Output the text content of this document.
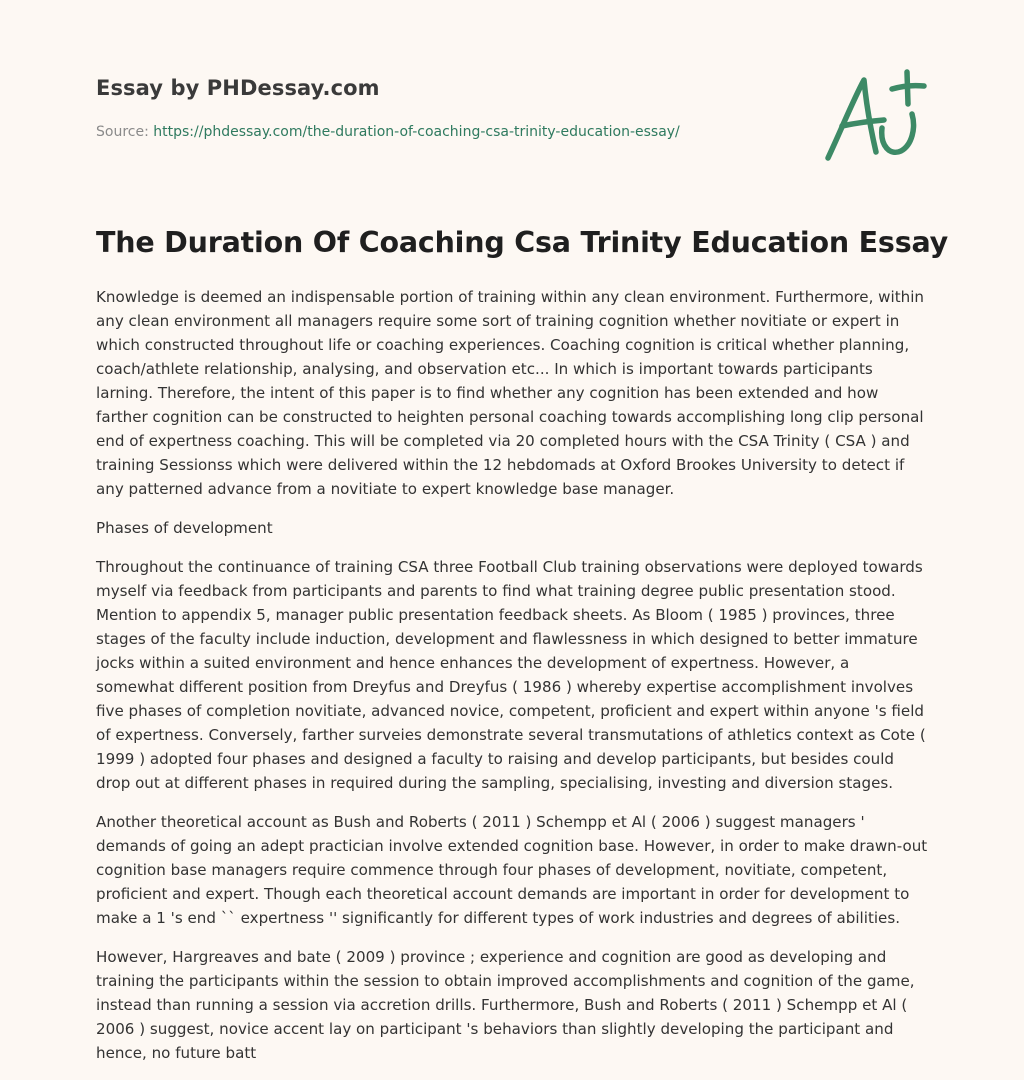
Essay by PHDessay.com
Source: https://phdessay.com/the-duration-of-coaching-csa-trinity-education-essay/
The Duration Of Coaching Csa Trinity Education Essay

Knowledge is deemed an indispensable portion of training within any clean environment. Furthermore, within any clean environment all managers require some sort of training cognition whether novitiate or expert in which constructed throughout life or coaching experiences. Coaching cognition is critical whether planning, coach/athlete relationship, analysing, and observation etc... In which is important towards participants larning. Therefore, the intent of this paper is to find whether any cognition has been extended and how farther cognition can be constructed to heighten personal coaching towards accomplishing long clip personal end of expertness coaching. This will be completed via 20 completed hours with the CSA Trinity ( CSA ) and training Sessionss which were delivered within the 12 hebdomads at Oxford Brookes University to detect if any patterned advance from a novitiate to expert knowledge base manager.

Phases of development

Throughout the continuance of training CSA three Football Club training observations were deployed towards myself via feedback from participants and parents to find what training degree public presentation stood. Mention to appendix 5, manager public presentation feedback sheets. As Bloom ( 1985 ) provinces, three stages of the faculty include induction, development and flawlessness in which designed to better immature jocks within a suited environment and hence enhances the development of expertness. However, a somewhat different position from Dreyfus and Dreyfus ( 1986 ) whereby expertise accomplishment involves five phases of completion novitiate, advanced novice, competent, proficient and expert within anyone 's field of expertness. Conversely, farther surveies demonstrate several transmutations of athletics context as Cote ( 1999 ) adopted four phases and designed a faculty to raising and develop participants, but besides could drop out at different phases in required during the sampling, specialising, investing and diversion stages.

Another theoretical account as Bush and Roberts ( 2011 ) Schempp et Al ( 2006 ) suggest managers ' demands of going an adept practician involve extended cognition base. However, in order to make drawn-out cognition base managers require commence through four phases of development, novitiate, competent, proficient and expert. Though each theoretical account demands are important in order for development to make a 1 's end `` expertness '' significantly for different types of work industries and degrees of abilities.

However, Hargreaves and bate ( 2009 ) province ; experience and cognition are good as developing and training the participants within the session to obtain improved accomplishments and cognition of the game, instead than running a session via accretion drills. Furthermore, Bush and Roberts ( 2011 ) Schempp et Al ( 2006 ) suggest, novice accent lay on participant 's behaviors than slightly developing the participant and hence, no future batt
